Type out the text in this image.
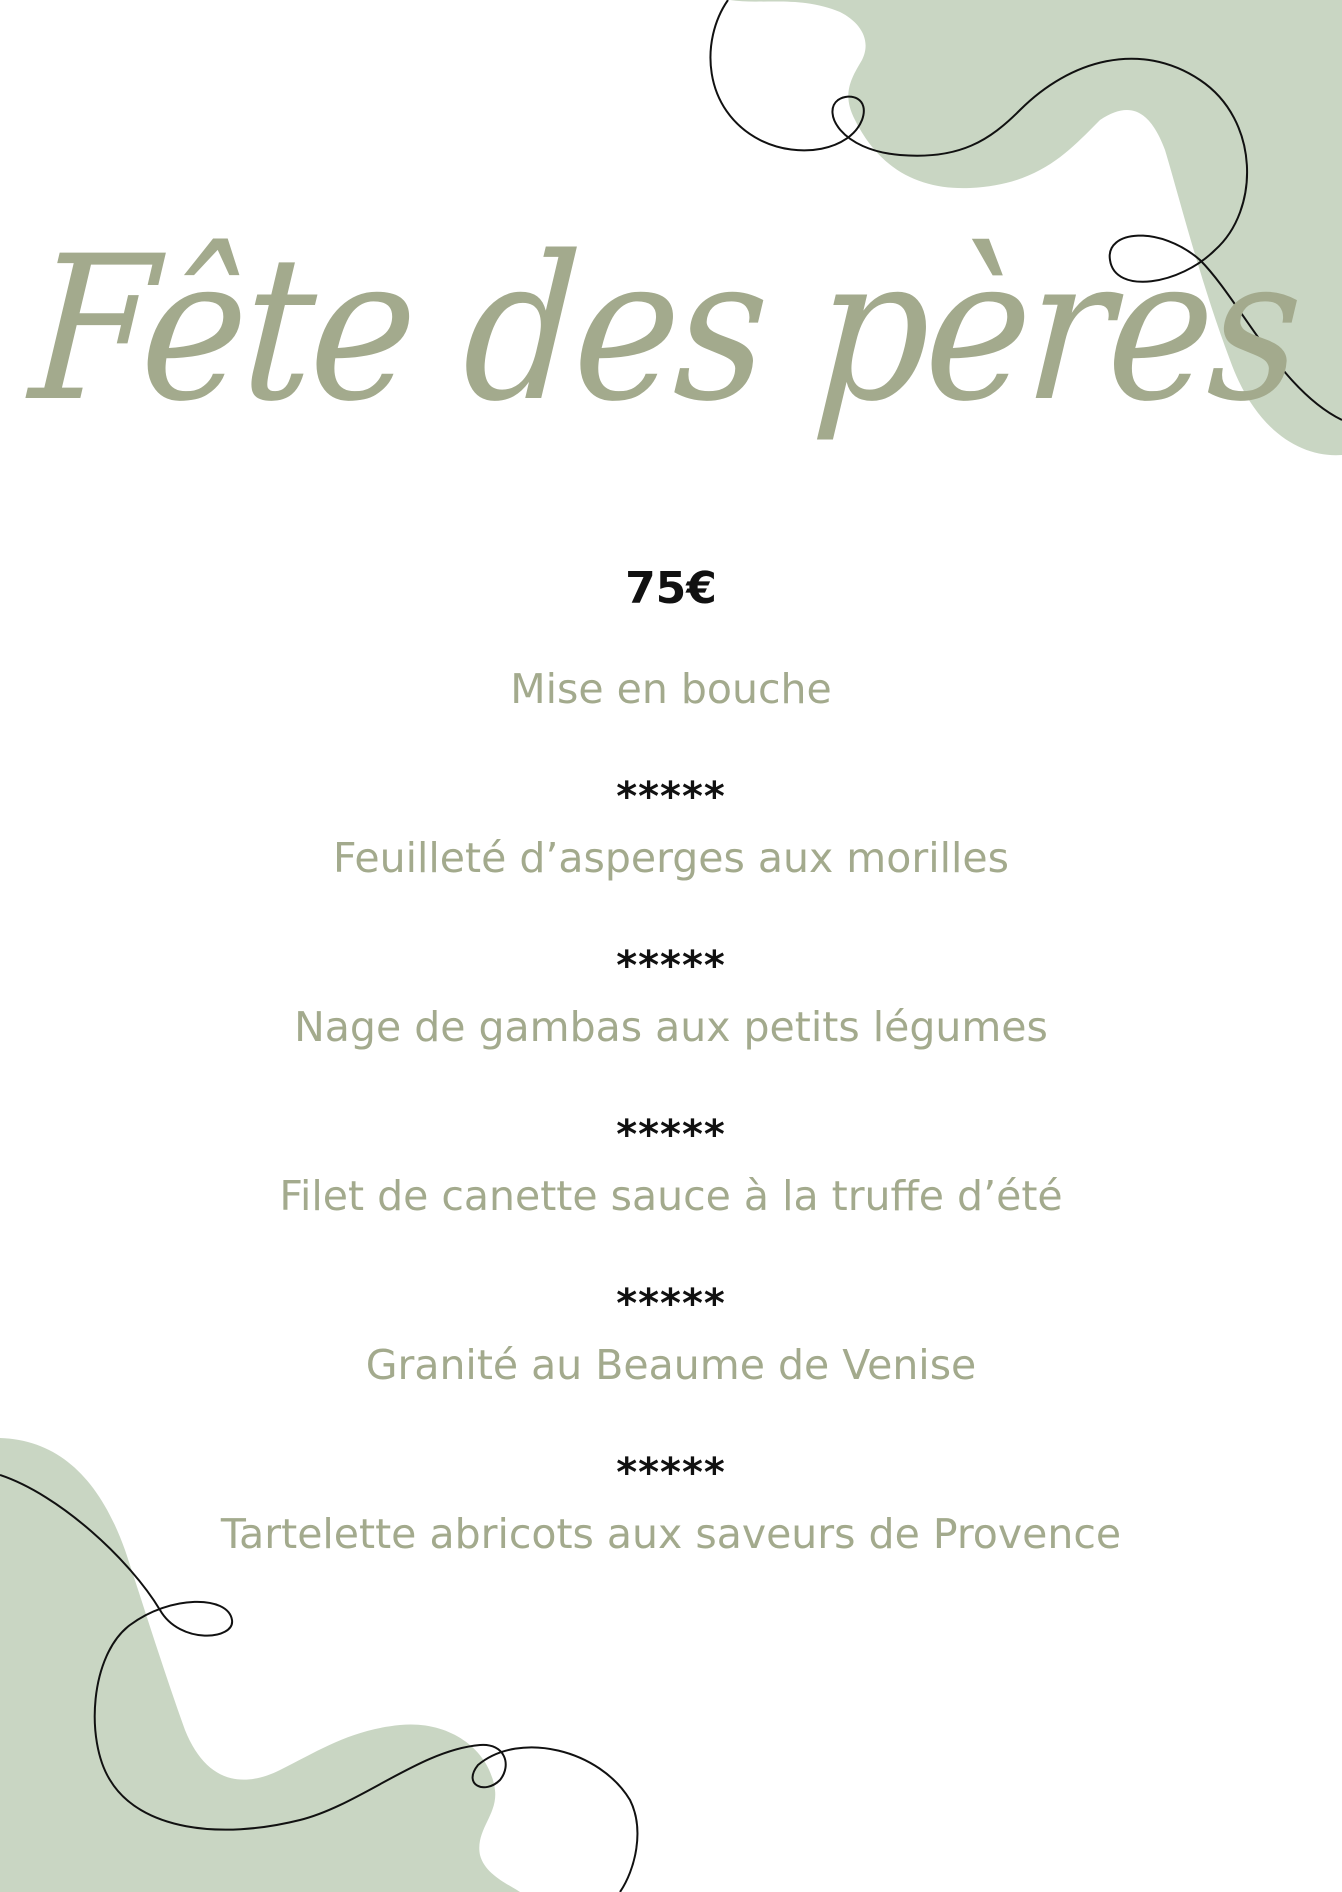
Fête des pères
75€
Mise en bouche
*****
Feuilleté d’asperges aux morilles
*****
Nage de gambas aux petits légumes
*****
Filet de canette sauce à la truffe d’été
*****
Granité au Beaume de Venise
*****
Tartelette abricots aux saveurs de Provence
